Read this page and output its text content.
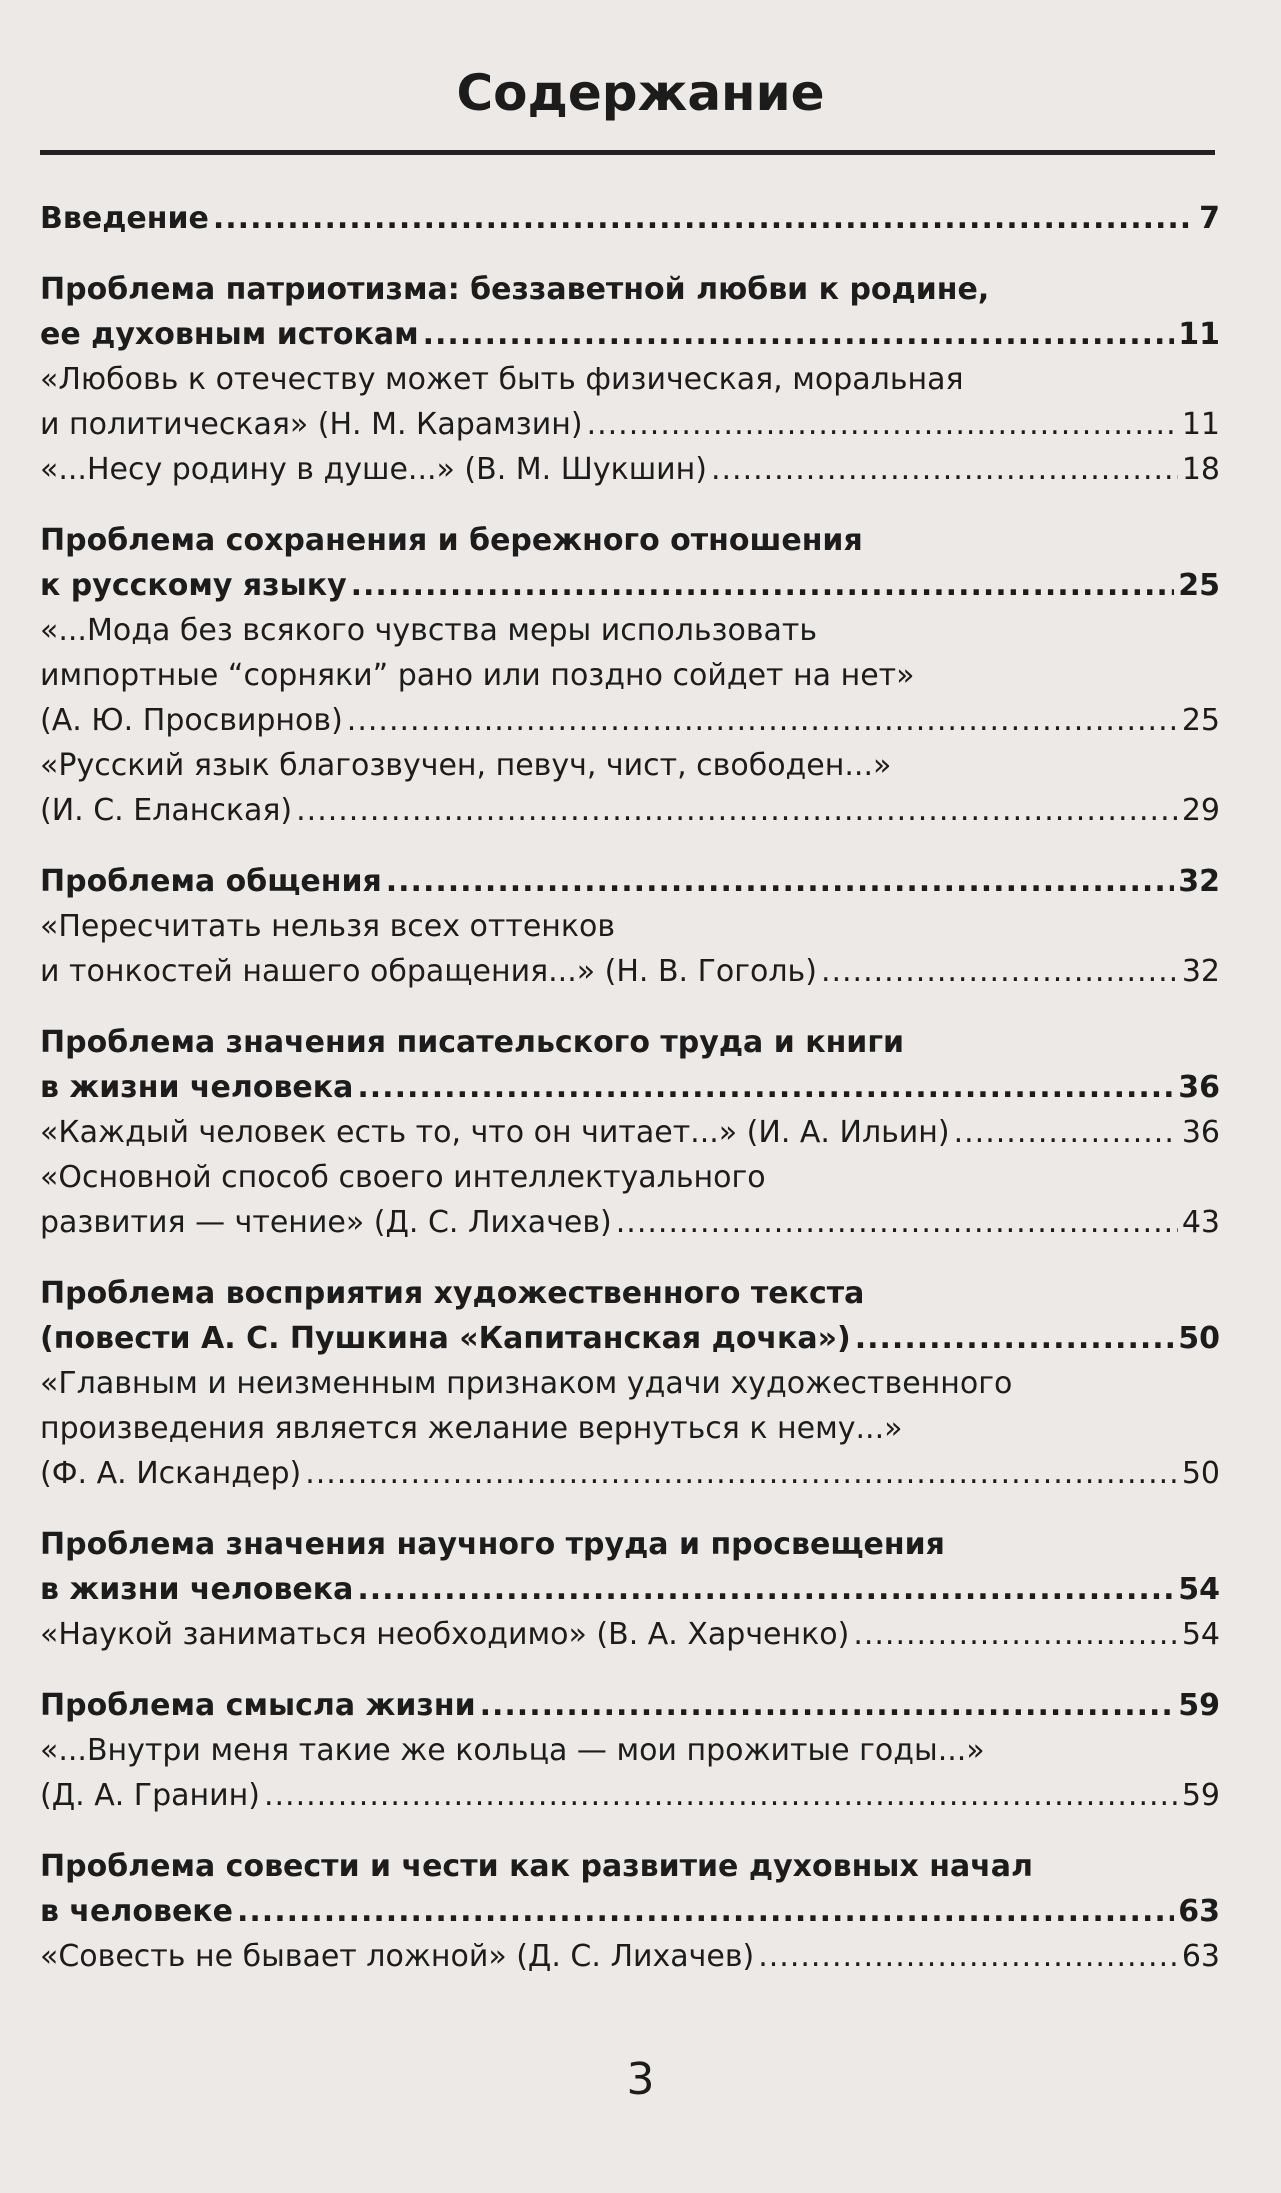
Содержание
Введение .....	7
Проблема патриотизма: беззаветной любви к родине,
ее духовным истокам .....	11
«Любовь к отечеству может быть физическая, моральная
и политическая» (Н. М. Карамзин) .....	11
«...Несу родину в душе...» (В. М. Шукшин) .....	18
Проблема сохранения и бережного отношения
к русскому языку .....	25
«...Мода без всякого чувства меры использовать
импортные “сорняки” рано или поздно сойдет на нет»
(А. Ю. Просвирнов) .....	25
«Русский язык благозвучен, певуч, чист, свободен...»
(И. С. Еланская) .....	29
Проблема общения .....	32
«Пересчитать нельзя всех оттенков
и тонкостей нашего обращения...» (Н. В. Гоголь) .....	32
Проблема значения писательского труда и книги
в жизни человека .....	36
«Каждый человек есть то, что он читает...» (И. А. Ильин) .....	36
«Основной способ своего интеллектуального
развития — чтение» (Д. С. Лихачев) .....	43
Проблема восприятия художественного текста
(повести А. С. Пушкина «Капитанская дочка») .....	50
«Главным и неизменным признаком удачи художественного
произведения является желание вернуться к нему...»
(Ф. А. Искандер) .....	50
Проблема значения научного труда и просвещения
в жизни человека .....	54
«Наукой заниматься необходимо» (В. А. Харченко) .....	54
Проблема смысла жизни .....	59
«...Внутри меня такие же кольца — мои прожитые годы...»
(Д. А. Гранин) .....	59
Проблема совести и чести как развитие духовных начал
в человеке .....	63
«Совесть не бывает ложной» (Д. С. Лихачев) .....	63
3
